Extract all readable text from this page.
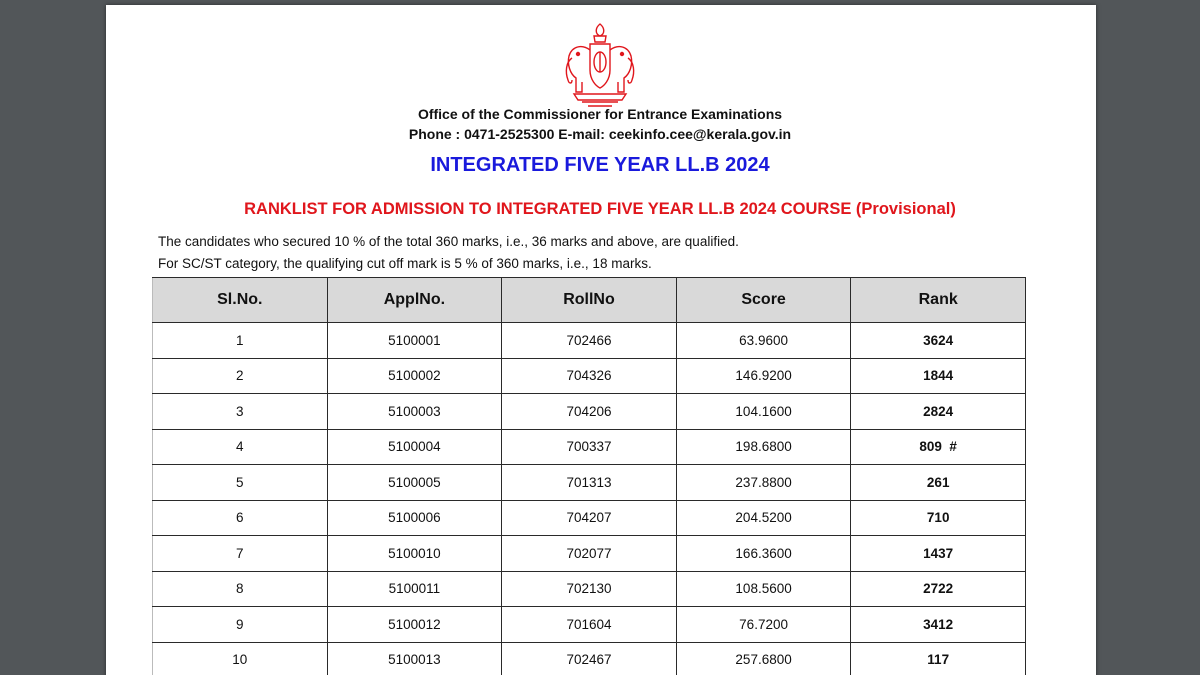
Office of the Commissioner for Entrance Examinations
Phone : 0471-2525300 E-mail: ceekinfo.cee@kerala.gov.in
INTEGRATED FIVE YEAR LL.B 2024
RANKLIST FOR ADMISSION TO INTEGRATED FIVE YEAR LL.B 2024 COURSE (Provisional)
The candidates who secured 10 % of the total 360 marks, i.e., 36 marks and above, are qualified.
For SC/ST category, the qualifying cut off mark is 5 % of 360 marks, i.e., 18 marks.
Sl.No.	ApplNo.	RollNo	Score	Rank
1	5100001	702466	63.9600	3624
2	5100002	704326	146.9200	1844
3	5100003	704206	104.1600	2824
4	5100004	700337	198.6800	809  #
5	5100005	701313	237.8800	261
6	5100006	704207	204.5200	710
7	5100010	702077	166.3600	1437
8	5100011	702130	108.5600	2722
9	5100012	701604	76.7200	3412
10	5100013	702467	257.6800	117
